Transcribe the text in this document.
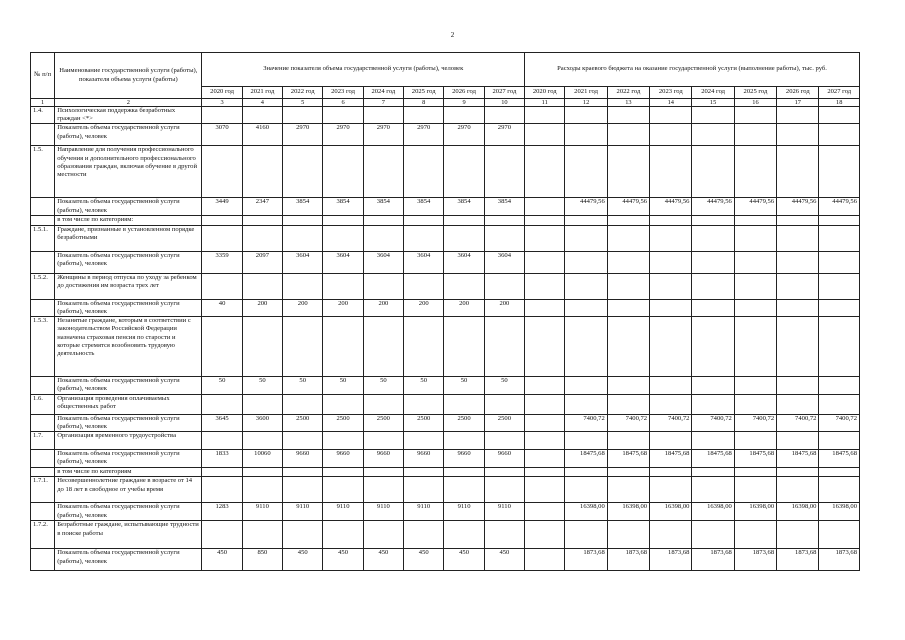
2
№ п/п	Наименование государственной услуги (работы), показателя объема услуги (работы)	Значение показателя объема государственной услуги (работы), человек								Расходы краевого бюджета на оказание государственной услуги (выполнение работы), тыс. руб.							
		2020 год	2021 год	2022 год	2023 год	2024 год	2025 год	2026 год	2027 год	2020 год	2021 год	2022 год	2023 год	2024 год	2025 год	2026 год	2027 год
1	2	3	4	5	6	7	8	9	10	11	12	13	14	15	16	17	18
1.4.	Психологическая поддержка безработных граждан <*>																
	Показатель объема государственной услуги (работы), человек	3070	4160	2970	2970	2970	2970	2970	2970								
1.5.	Направление для получения профессионального обучения и дополнительного профессионального образования граждан, включая обучение в другой местности																
	Показатель объема государственной услуги (работы), человек	3449	2347	3854	3854	3854	3854	3854	3854		44479,56	44479,56	44479,56	44479,56	44479,56	44479,56	44479,56
	в том числе по категориям:																
1.5.1.	Граждане, признанные в установленном порядке безработными																
	Показатель объема государственной услуги (работы), человек	3359	2097	3604	3604	3604	3604	3604	3604								
1.5.2.	Женщины в период отпуска по уходу за ребенком до достижения им возраста трех лет																
	Показатель объема государственной услуги (работы), человек	40	200	200	200	200	200	200	200								
1.5.3.	Незанятые граждане, которым в соответствии с законодательством Российской Федерации назначена страховая пенсия по старости и которые стремятся возобновить трудовую деятельность																
	Показатель объема государственной услуги (работы), человек	50	50	50	50	50	50	50	50								
1.6.	Организация проведения оплачиваемых общественных работ																
	Показатель объема государственной услуги (работы), человек	3645	3600	2500	2500	2500	2500	2500	2500		7400,72	7400,72	7400,72	7400,72	7400,72	7400,72	7400,72
1.7.	Организация временного трудоустройства																
	Показатель объема государственной услуги (работы), человек	1833	10060	9660	9660	9660	9660	9660	9660		18475,68	18475,68	18475,68	18475,68	18475,68	18475,68	18475,68
	в том числе по категориям																
1.7.1.	Несовершеннолетние граждане в возрасте от 14 до 18 лет в свободное от учебы время																
	Показатель объема государственной услуги (работы), человек	1283	9110	9110	9110	9110	9110	9110	9110		16398,00	16398,00	16398,00	16398,00	16398,00	16398,00	16398,00
1.7.2.	Безработные граждане, испытывающие трудности в поиске работы																
	Показатель объема государственной услуги (работы), человек	450	850	450	450	450	450	450	450		1873,68	1873,68	1873,68	1873,68	1873,68	1873,68	1873,68
